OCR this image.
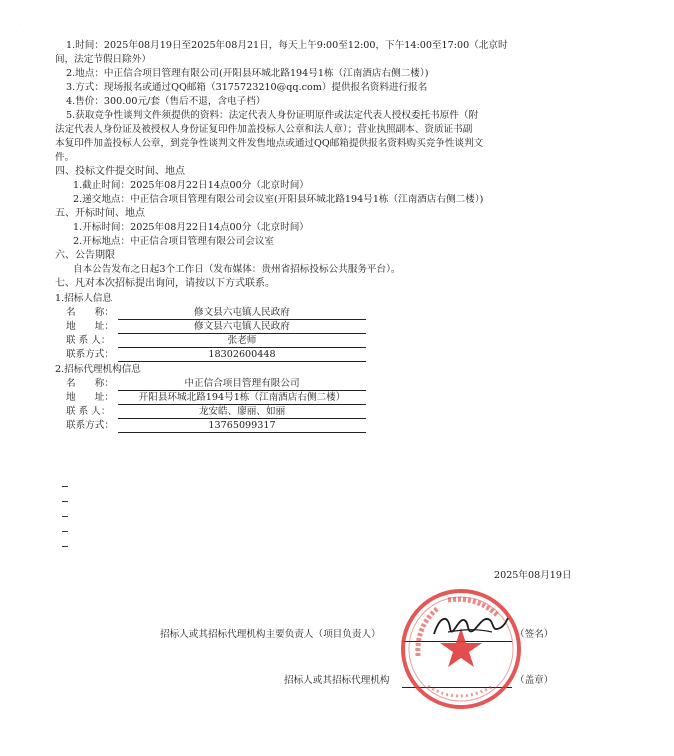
·
1.时间：2025年08月19日至2025年08月21日，每天上午9:00至12:00，下午14:00至17:00（北京时
间，法定节假日除外）
2.地点：中正信合项目管理有限公司(开阳县环城北路194号1栋（江南酒店右侧二楼）)
3.方式：现场报名或通过QQ邮箱（3175723210@qq.com）提供报名资料进行报名
4.售价：300.00元/套（售后不退，含电子档）
5.获取竞争性谈判文件须提供的资料：法定代表人身份证明原件或法定代表人授权委托书原件（附
法定代表人身份证及被授权人身份证复印件加盖投标人公章和法人章）；营业执照副本、资质证书副
本复印件加盖投标人公章，到竞争性谈判文件发售地点或通过QQ邮箱提供报名资料购买竞争性谈判文
件。
四、投标文件提交时间、地点
1.截止时间：2025年08月22日14点00分（北京时间）
2.递交地点：中正信合项目管理有限公司会议室(开阳县环城北路194号1栋（江南酒店右侧二楼）)
五、开标时间、地点
1.开标时间：2025年08月22日14点00分（北京时间）
2.开标地点：中正信合项目管理有限公司会议室
六、公告期限
自本公告发布之日起3个工作日（发布媒体：贵州省招标投标公共服务平台）。
七、凡对本次招标提出询问，请按以下方式联系。
1.招标人信息
名　　称：	修文县六屯镇人民政府
地　　址：	修文县六屯镇人民政府
联 系 人：	张老师
联系方式：	18302600448
2.招标代理机构信息
名　　称：	中正信合项目管理有限公司
地　　址：	开阳县环城北路194号1栋（江南酒店右侧二楼）
联 系 人：	龙安皓、廖丽、如丽
联系方式：	13765099317
2025年08月19日
招标人或其招标代理机构主要负责人（项目负责人）	（签名）
招标人或其招标代理机构	（盖章）
